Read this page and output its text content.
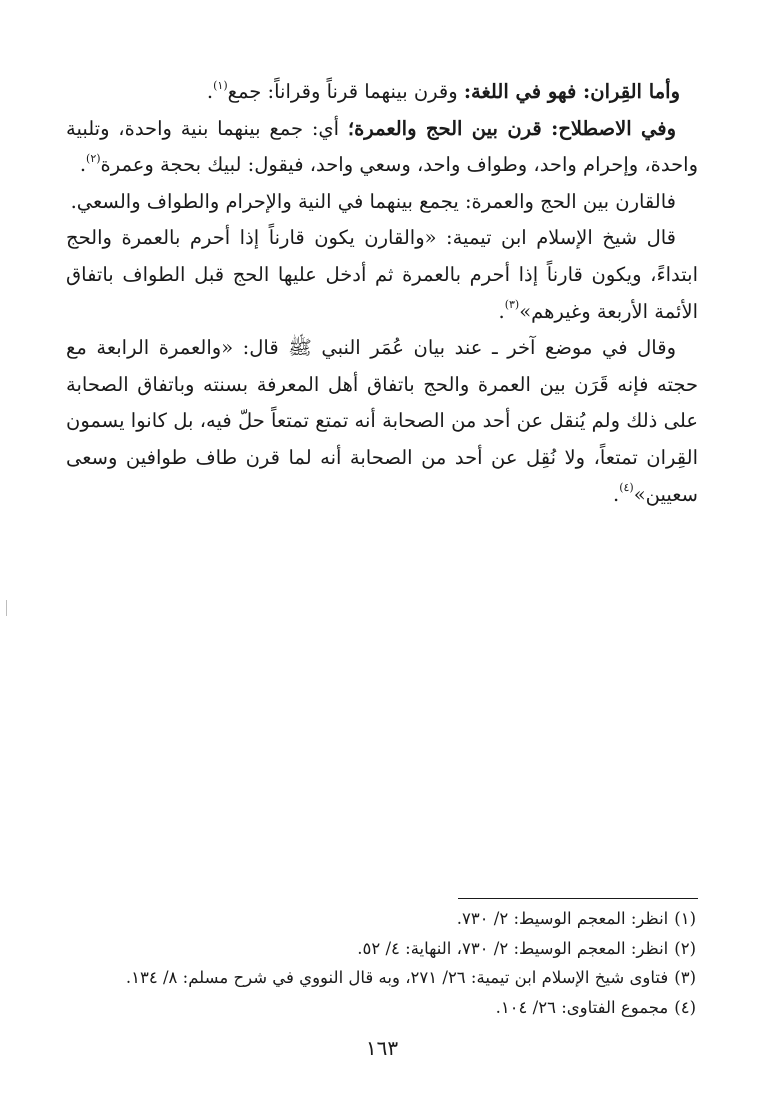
وأما القِران: فهو في اللغة: وقرن بينهما قرناً وقراناً: جمع$^{(١)}$.

وفي الاصطلاح: قرن بين الحج والعمرة؛ أي: جمع بينهما بنية واحدة، وتلبية واحدة، وإحرام واحد، وطواف واحد، وسعي واحد، فيقول: لبيك بحجة وعمرة$^{(٢)}$.

فالقارن بين الحج والعمرة: يجمع بينهما في النية والإحرام والطواف والسعي.

قال شيخ الإسلام ابن تيمية: «والقارن يكون قارناً إذا أحرم بالعمرة والحج ابتداءً، ويكون قارناً إذا أحرم بالعمرة ثم أدخل عليها الحج قبل الطواف باتفاق الأئمة الأربعة وغيرهم»$^{(٣)}$.

وقال في موضع آخر ـ عند بيان عُمَر النبي ﷺ قال: «والعمرة الرابعة مع حجته فإنه قَرَن بين العمرة والحج باتفاق أهل المعرفة بسنته وباتفاق الصحابة على ذلك ولم يُنقل عن أحد من الصحابة أنه تمتع تمتعاً حلّ فيه، بل كانوا يسمون القِران تمتعاً، ولا نُقِل عن أحد من الصحابة أنه لما قرن طاف طوافين وسعى سعيين»$^{(٤)}$.

(١)انظر: المعجم الوسيط: ٢/ ٧٣٠.

(٢)انظر: المعجم الوسيط: ٢/ ٧٣٠، النهاية: ٤/ ٥٢.

(٣)فتاوى شيخ الإسلام ابن تيمية: ٢٦/ ٢٧١، وبه قال النووي في شرح مسلم: ٨/ ١٣٤.

(٤)مجموع الفتاوى: ٢٦/ ١٠٤.

١٦٣
